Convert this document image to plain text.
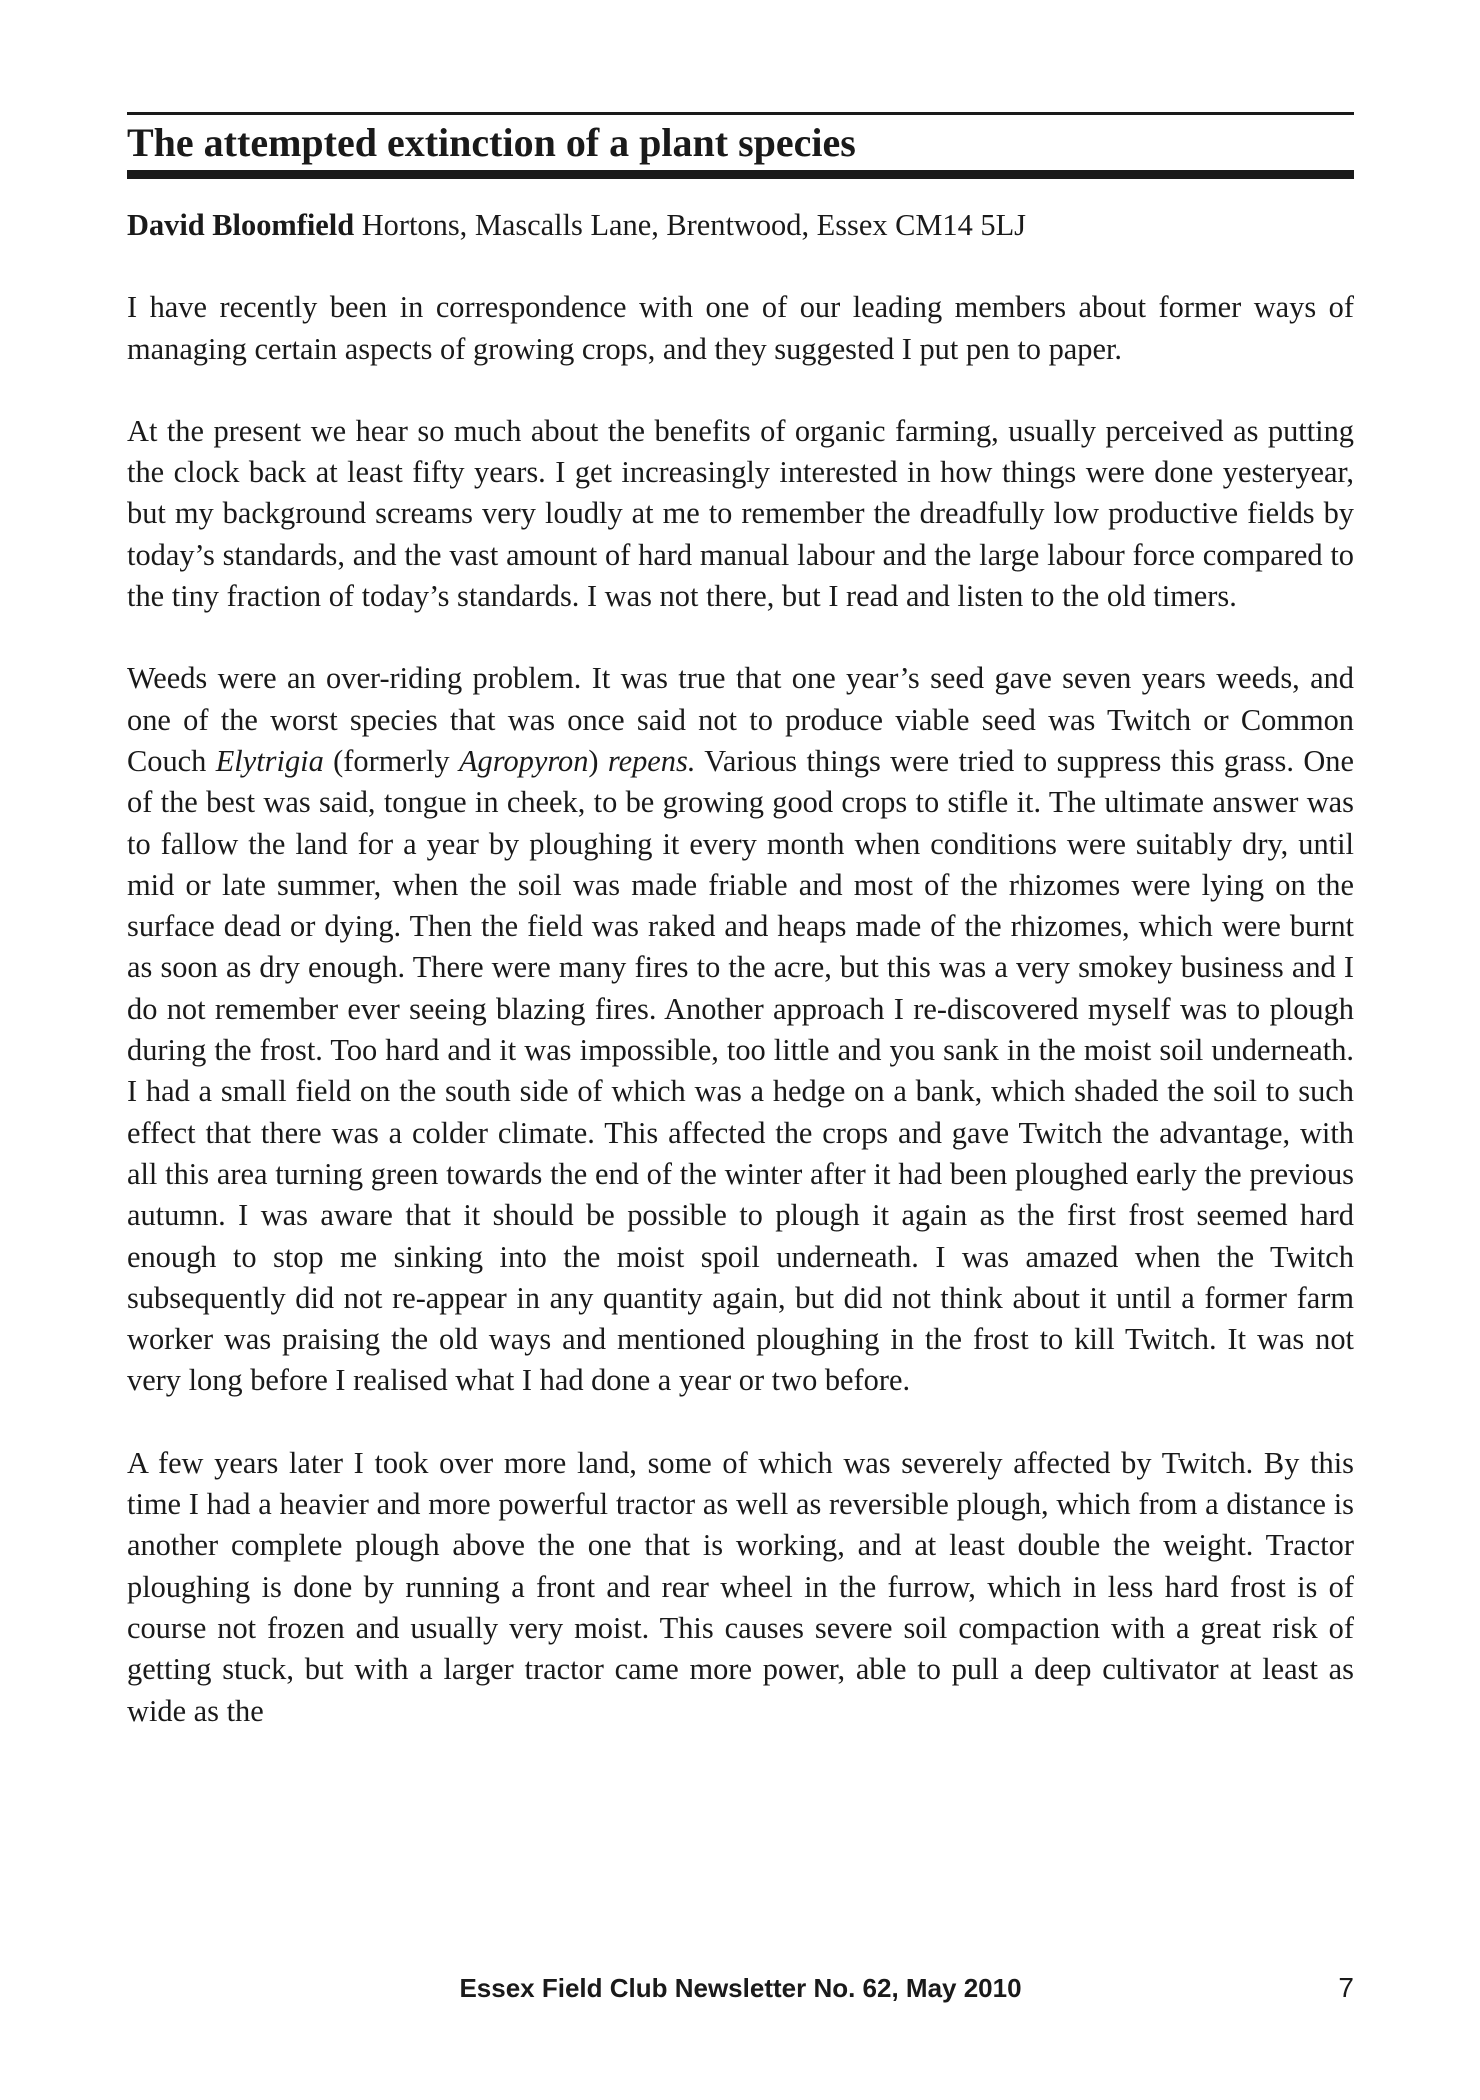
The attempted extinction of a plant species

David Bloomfield Hortons, Mascalls Lane, Brentwood, Essex CM14 5LJ

I have recently been in correspondence with one of our leading members about former ways of managing certain aspects of growing crops, and they suggested I put pen to paper.

At the present we hear so much about the benefits of organic farming, usually perceived as putting the clock back at least fifty years. I get increasingly interested in how things were done yesteryear, but my background screams very loudly at me to remember the dreadfully low productive fields by today’s standards, and the vast amount of hard manual labour and the large labour force compared to the tiny fraction of today’s standards. I was not there, but I read and listen to the old timers.

Weeds were an over-riding problem. It was true that one year’s seed gave seven years weeds, and one of the worst species that was once said not to produce viable seed was Twitch or Common Couch Elytrigia (formerly Agropyron) repens. Various things were tried to suppress this grass. One of the best was said, tongue in cheek, to be growing good crops to stifle it. The ultimate answer was to fallow the land for a year by ploughing it every month when conditions were suitably dry, until mid or late summer, when the soil was made friable and most of the rhizomes were lying on the surface dead or dying. Then the field was raked and heaps made of the rhizomes, which were burnt as soon as dry enough. There were many fires to the acre, but this was a very smokey business and I do not remember ever seeing blazing fires. Another approach I re-discovered myself was to plough during the frost. Too hard and it was impossible, too little and you sank in the moist soil underneath. I had a small field on the south side of which was a hedge on a bank, which shaded the soil to such effect that there was a colder climate. This affected the crops and gave Twitch the advantage, with all this area turning green towards the end of the winter after it had been ploughed early the previous autumn. I was aware that it should be possible to plough it again as the first frost seemed hard enough to stop me sinking into the moist spoil underneath. I was amazed when the Twitch subsequently did not re-appear in any quantity again, but did not think about it until a former farm worker was praising the old ways and mentioned ploughing in the frost to kill Twitch. It was not very long before I realised what I had done a year or two before.

A few years later I took over more land, some of which was severely affected by Twitch. By this time I had a heavier and more powerful tractor as well as reversible plough, which from a distance is another complete plough above the one that is working, and at least double the weight. Tractor ploughing is done by running a front and rear wheel in the furrow, which in less hard frost is of course not frozen and usually very moist. This causes severe soil compaction with a great risk of getting stuck, but with a larger tractor came more power, able to pull a deep cultivator at least as wide as the

Essex Field Club Newsletter No. 62, May 2010	7
